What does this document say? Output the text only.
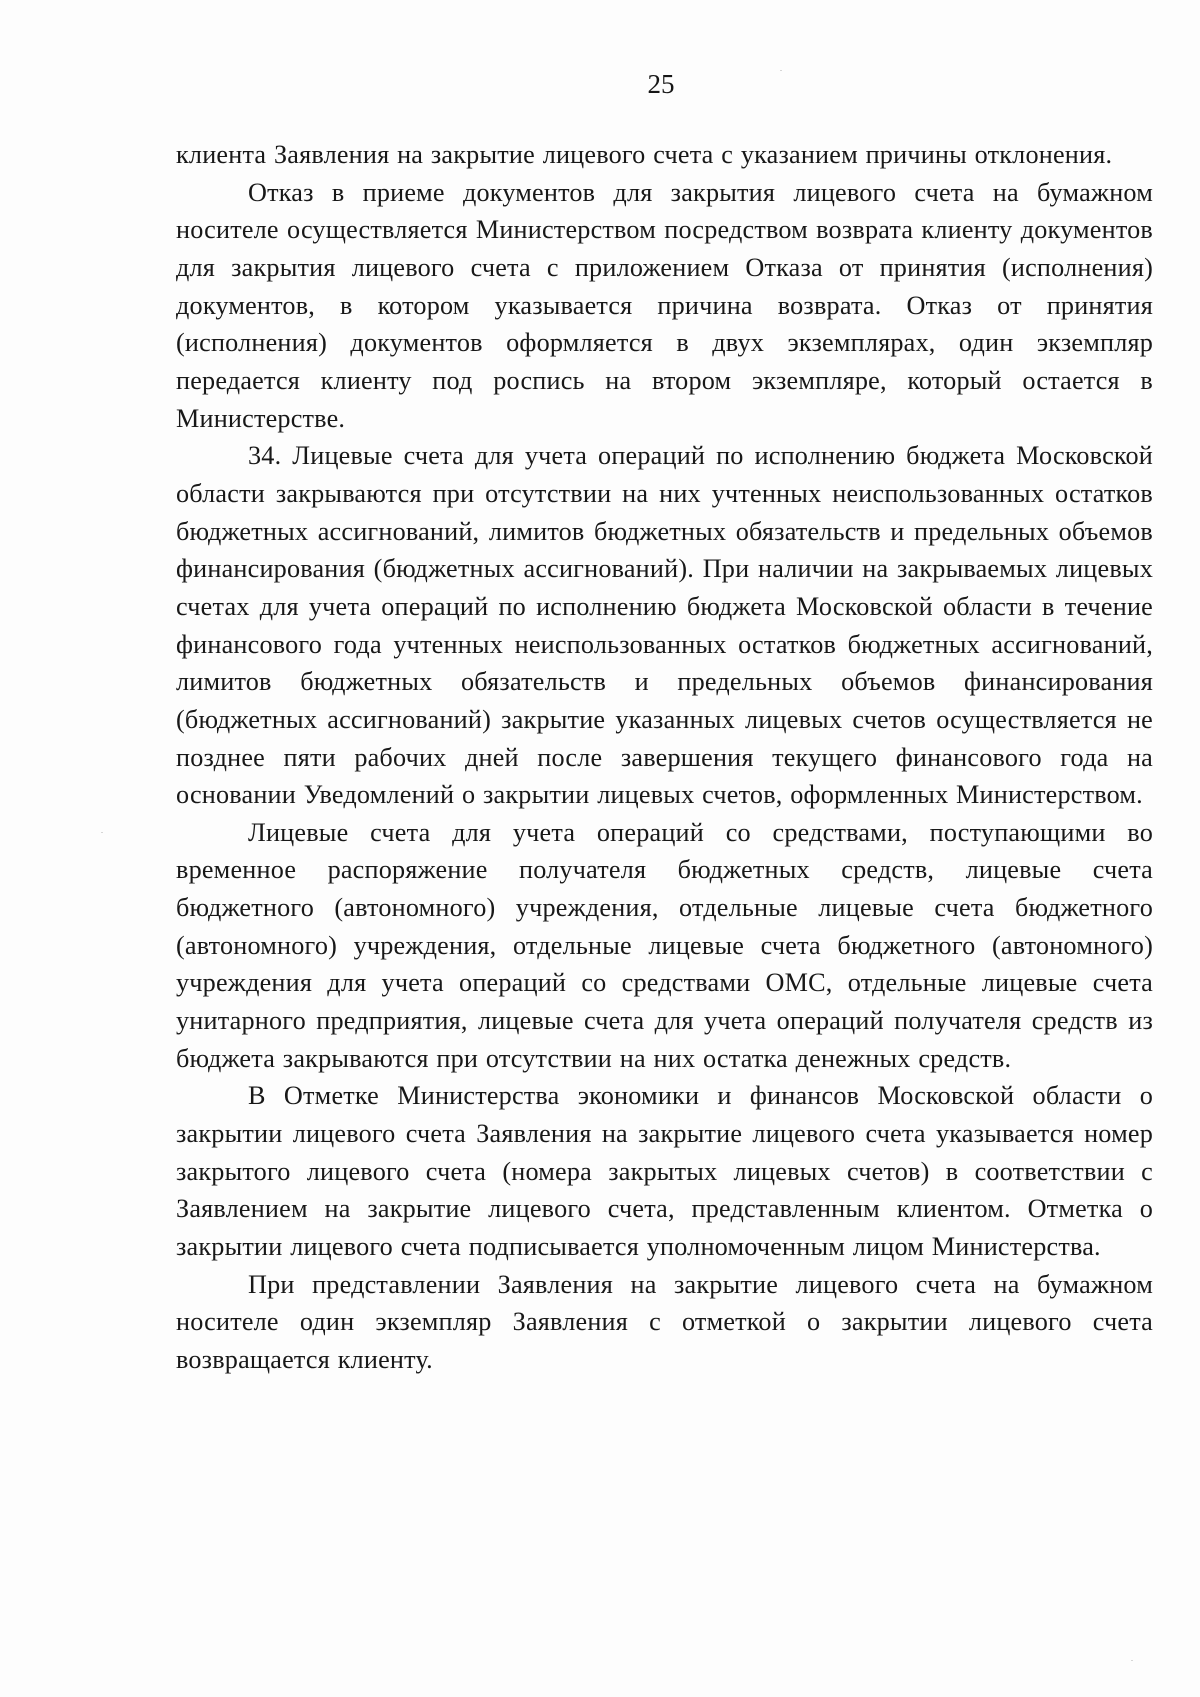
25

клиента Заявления на закрытие лицевого счета с указанием причины отклонения.

Отказ в приеме документов для закрытия лицевого счета на бумажном носителе осуществляется Министерством посредством возврата клиенту документов для закрытия лицевого счета с приложением Отказа от принятия (исполнения) документов, в котором указывается причина возврата. Отказ от принятия (исполнения) документов оформляется в двух экземплярах, один экземпляр передается клиенту под роспись на втором экземпляре, который остается в Министерстве.

34. Лицевые счета для учета операций по исполнению бюджета Московской области закрываются при отсутствии на них учтенных неиспользованных остатков бюджетных ассигнований, лимитов бюджетных обязательств и предельных объемов финансирования (бюджетных ассигнований). При наличии на закрываемых лицевых счетах для учета операций по исполнению бюджета Московской области в течение финансового года учтенных неиспользованных остатков бюджетных ассигнований, лимитов бюджетных обязательств и предельных объемов финансирования (бюджетных ассигнований) закрытие указанных лицевых счетов осуществляется не позднее пяти рабочих дней после завершения текущего финансового года на основании Уведомлений о закрытии лицевых счетов, оформленных Министерством.

Лицевые счета для учета операций со средствами, поступающими во временное распоряжение получателя бюджетных средств, лицевые счета бюджетного (автономного) учреждения, отдельные лицевые счета бюджетного (автономного) учреждения, отдельные лицевые счета бюджетного (автономного) учреждения для учета операций со средствами ОМС, отдельные лицевые счета унитарного предприятия, лицевые счета для учета операций получателя средств из бюджета закрываются при отсутствии на них остатка денежных средств.

В Отметке Министерства экономики и финансов Московской области о закрытии лицевого счета Заявления на закрытие лицевого счета указывается номер закрытого лицевого счета (номера закрытых лицевых счетов) в соответствии с Заявлением на закрытие лицевого счета, представленным клиентом. Отметка о закрытии лицевого счета подписывается уполномоченным лицом Министерства.

При представлении Заявления на закрытие лицевого счета на бумажном носителе один экземпляр Заявления с отметкой о закрытии лицевого счета возвращается клиенту.
